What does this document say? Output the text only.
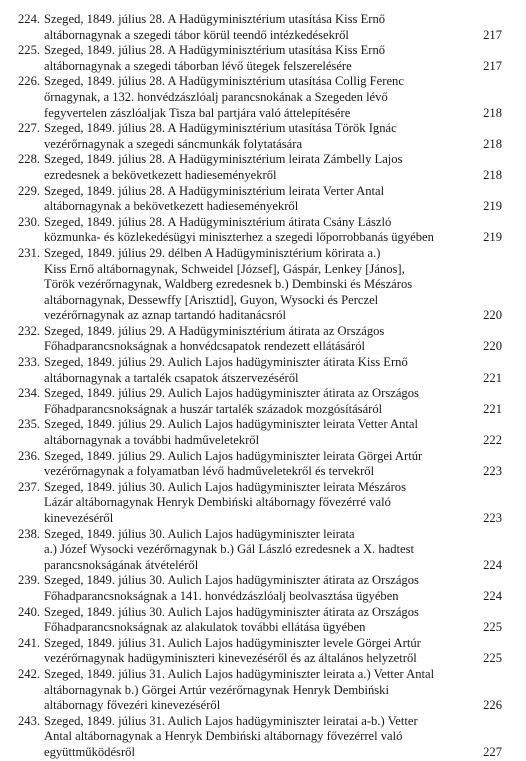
224. Szeged, 1849. július 28. A Hadügyminisztérium utasítása Kiss Ernő
altábornagynak a szegedi tábor körül teendő intézkedésekről	217
225. Szeged, 1849. július 28. A Hadügyminisztérium utasítása Kiss Ernő
altábornagynak a szegedi táborban lévő ütegek felszerelésére	217
226. Szeged, 1849. július 28. A Hadügyminisztérium utasítása Collig Ferenc
őrnagynak, a 132. honvédzászlóalj parancsnokának a Szegeden lévő
fegyvertelen zászlóaljak Tisza bal partjára való áttelepítésére	218
227. Szeged, 1849. július 28. A Hadügyminisztérium utasítása Török Ignác
vezérőrnagynak a szegedi sáncmunkák folytatására	218
228. Szeged, 1849. július 28. A Hadügyminisztérium leirata Zámbelly Lajos
ezredesnek a bekövetkezett hadieseményekről	218
229. Szeged, 1849. július 28. A Hadügyminisztérium leirata Verter Antal
altábornagynak a bekövetkezett hadieseményekről	219
230. Szeged, 1849. július 28. A Hadügyminisztérium átirata Csány László
közmunka- és közlekedésügyi miniszterhez a szegedi lőporrobbanás ügyében	219
231. Szeged, 1849. július 29. délben A Hadügyminisztérium körirata a.)
Kiss Ernő altábornagynak, Schweidel [József], Gáspár, Lenkey [János],
Török vezérőrnagynak, Waldberg ezredesnek b.) Dembinski és Mészáros
altábornagynak, Dessewffy [Arisztid], Guyon, Wysocki és Perczel
vezérőrnagynak az aznap tartandó haditanácsról	220
232. Szeged, 1849. július 29. A Hadügyminisztérium átirata az Országos
Főhadparancsnokságnak a honvédcsapatok rendezett ellátásáról	220
233. Szeged, 1849. július 29. Aulich Lajos hadügyminiszter átirata Kiss Ernő
altábornagynak a tartalék csapatok átszervezéséről	221
234. Szeged, 1849. július 29. Aulich Lajos hadügyminiszter átirata az Országos
Főhadparancsnokságnak a huszár tartalék századok mozgósításáról	221
235. Szeged, 1849. július 29. Aulich Lajos hadügyminiszter leirata Vetter Antal
altábornagynak a további hadműveletekről	222
236. Szeged, 1849. július 29. Aulich Lajos hadügyminiszter leirata Görgei Artúr
vezérőrnagynak a folyamatban lévő hadműveletekről és tervekről	223
237. Szeged, 1849. július 30. Aulich Lajos hadügyminiszter leirata Mészáros
Lázár altábornagynak Henryk Dembiński altábornagy fővezérré való
kinevezéséről	223
238. Szeged, 1849. július 30. Aulich Lajos hadügyminiszter leirata
a.) Józef Wysocki vezérőrnagynak b.) Gál László ezredesnek a X. hadtest
parancsnokságának átvételéről	224
239. Szeged, 1849. július 30. Aulich Lajos hadügyminiszter átirata az Országos
Főhadparancsnokságnak a 141. honvédzászlóalj beolvasztása ügyében	224
240. Szeged, 1849. július 30. Aulich Lajos hadügyminiszter átirata az Országos
Főhadparancsnokságnak az alakulatok további ellátása ügyében	225
241. Szeged, 1849. július 31. Aulich Lajos hadügyminiszter levele Görgei Artúr
vezérőrnagynak hadügyminiszteri kinevezéséről és az általános helyzetről	225
242. Szeged, 1849. július 31. Aulich Lajos hadügyminiszter leirata a.) Vetter Antal
altábornagynak b.) Görgei Artúr vezérőrnagynak Henryk Dembiński
altábornagy fővezéri kinevezéséről	226
243. Szeged, 1849. július 31. Aulich Lajos hadügyminiszter leiratai a-b.) Vetter
Antal altábornagynak a Henryk Dembiński altábornagy fővezérrel való
együttműködésről	227
